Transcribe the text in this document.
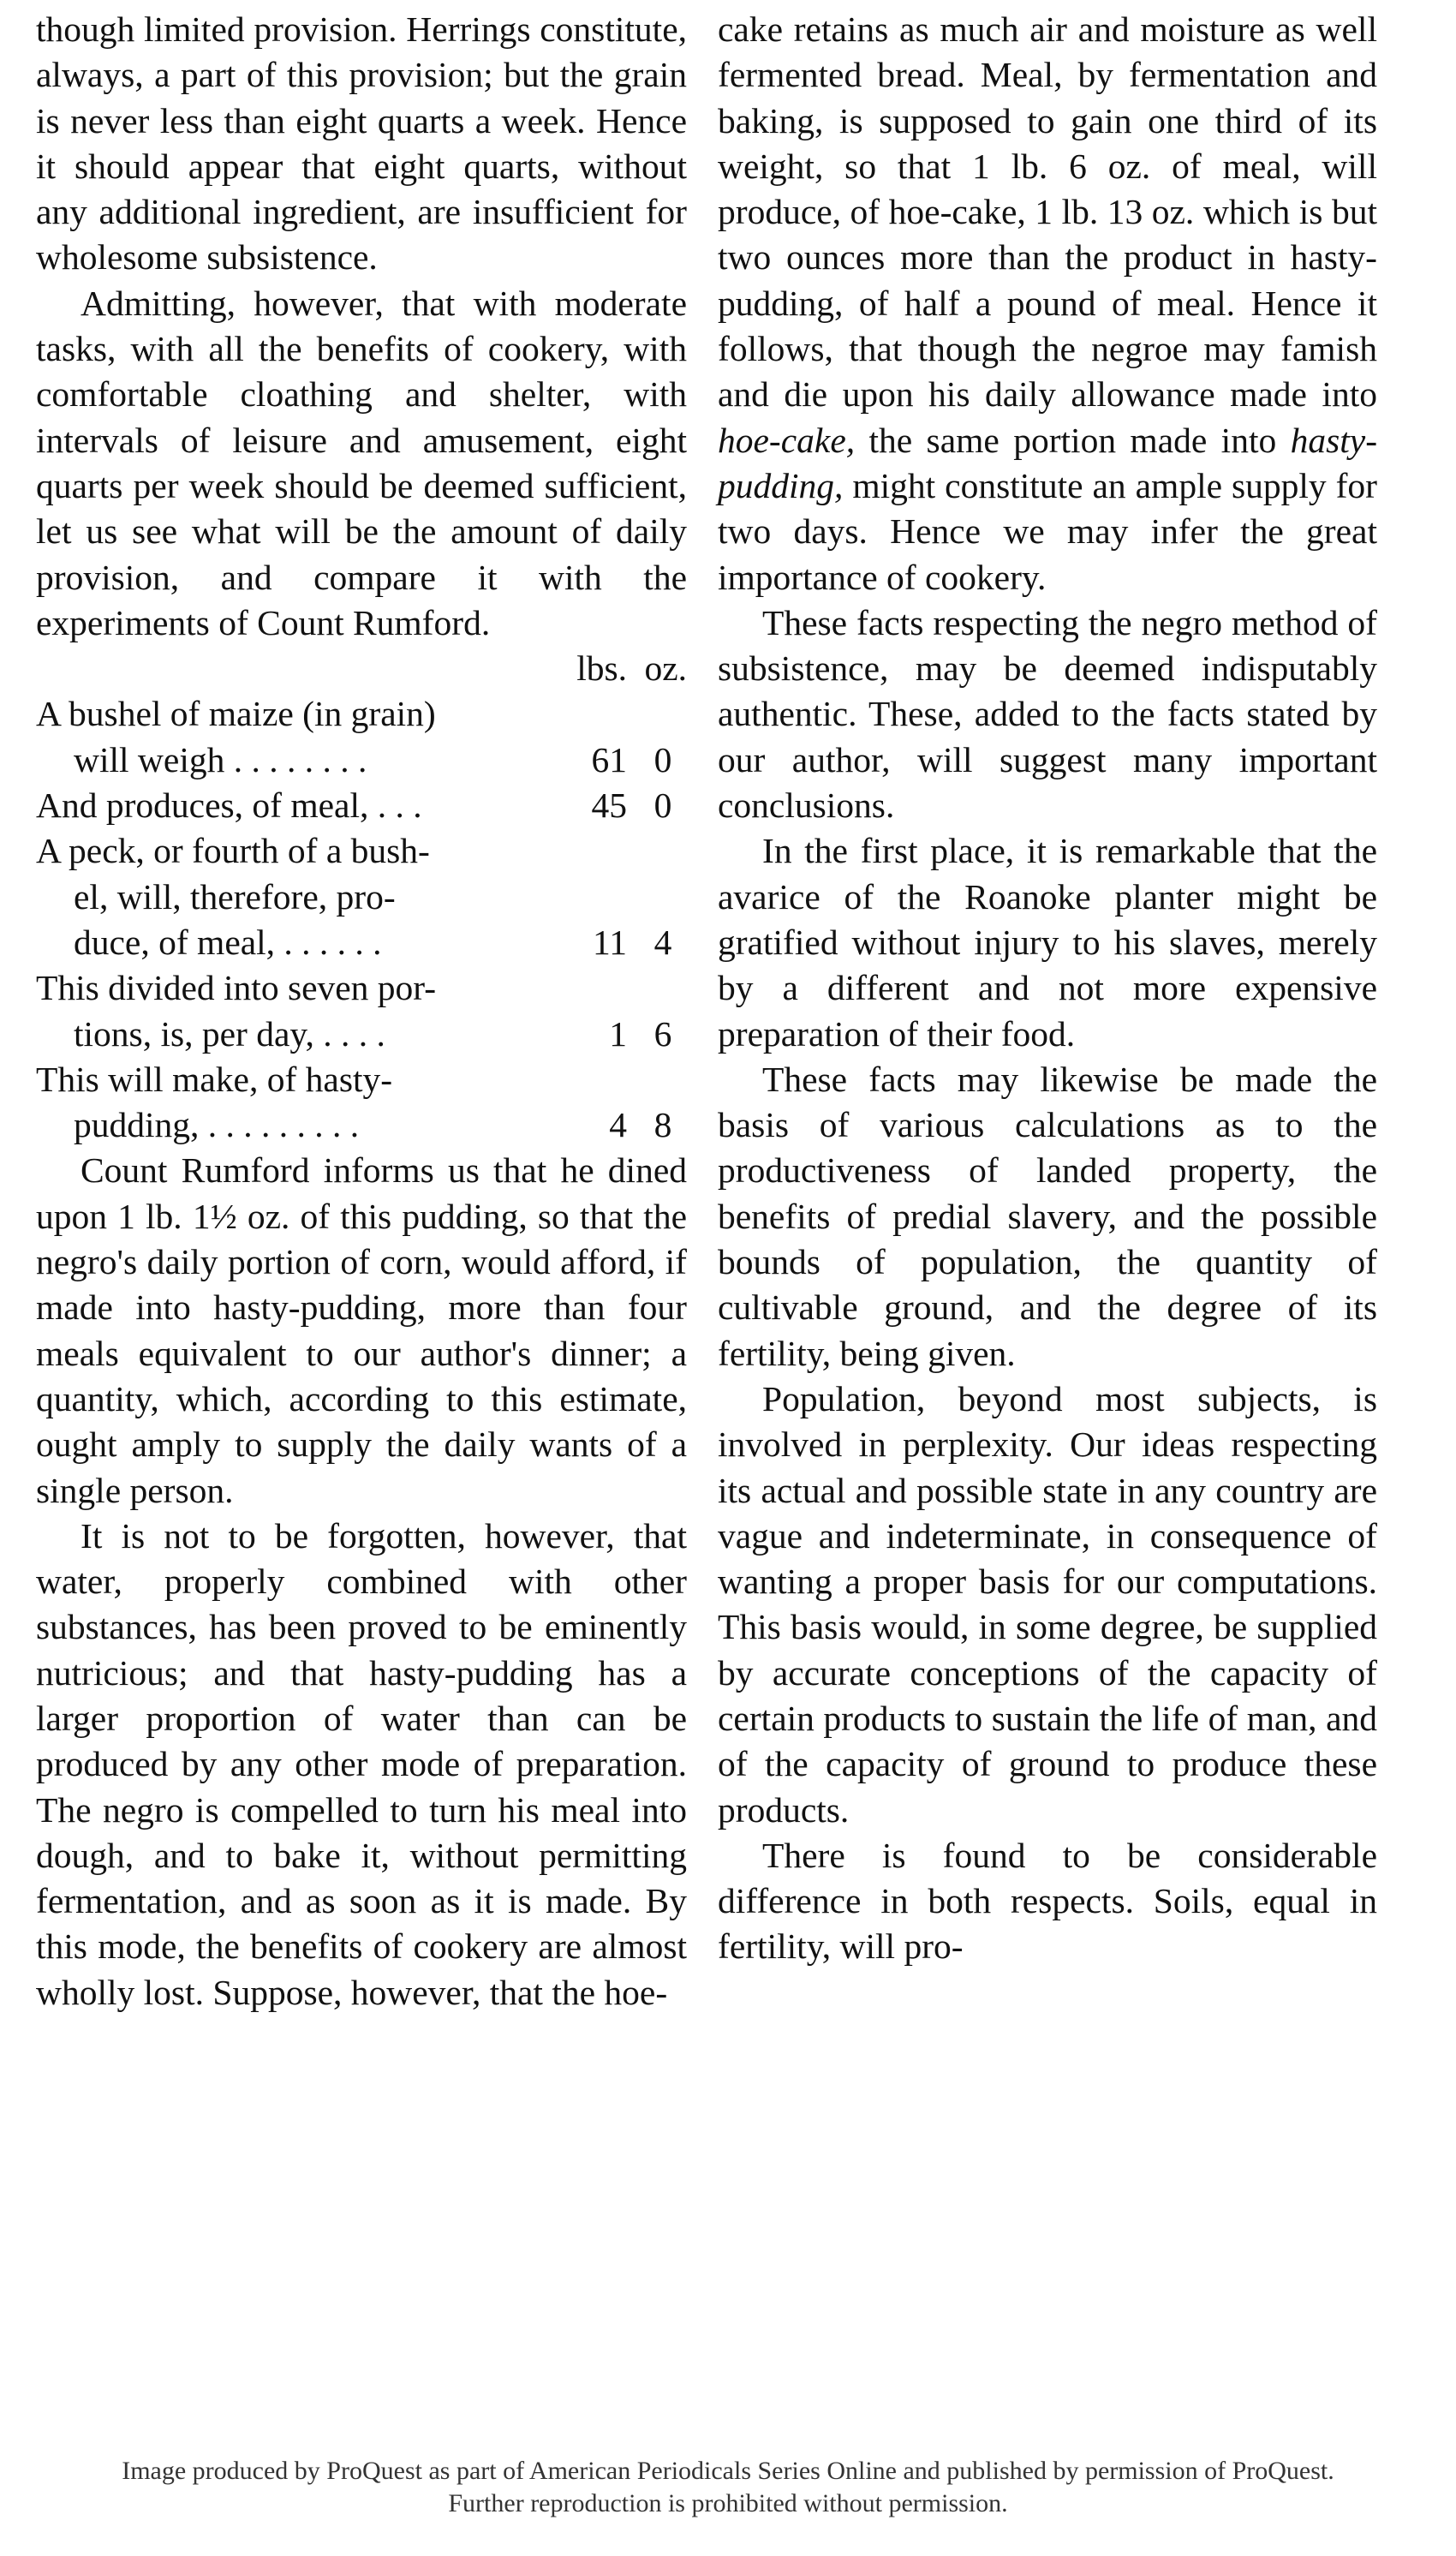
though limited provision. Herrings constitute, always, a part of this provision; but the grain is never less than eight quarts a week. Hence it should appear that eight quarts, without any additional ingredient, are insufficient for wholesome subsistence.

Admitting, however, that with moderate tasks, with all the benefits of cookery, with comfortable cloathing and shelter, with intervals of leisure and amusement, eight quarts per week should be deemed sufficient, let us see what will be the amount of daily provision, and compare it with the experiments of Count Rumford.

	lbs.	oz.
A bushel of maize (in grain)		
will weigh . . . . . . . .	61	0
And produces, of meal, . . .	45	0
A peck, or fourth of a bush-		
el, will, therefore, pro-		
duce, of meal, . . . . . .	11	4
This divided into seven por-		
tions, is, per day, . . . .	1	6
This will make, of hasty-		
pudding, . . . . . . . . .	4	8

Count Rumford informs us that he dined upon 1 lb. 1½ oz. of this pudding, so that the negro's daily portion of corn, would afford, if made into hasty-pudding, more than four meals equivalent to our author's dinner; a quantity, which, according to this estimate, ought amply to supply the daily wants of a single person.

It is not to be forgotten, however, that water, properly combined with other substances, has been proved to be eminently nutricious; and that hasty-pudding has a larger proportion of water than can be produced by any other mode of preparation. The negro is compelled to turn his meal into dough, and to bake it, without permitting fermentation, and as soon as it is made. By this mode, the benefits of cookery are almost wholly lost. Suppose, however, that the hoe-

cake retains as much air and moisture as well fermented bread. Meal, by fermentation and baking, is supposed to gain one third of its weight, so that 1 lb. 6 oz. of meal, will produce, of hoe-cake, 1 lb. 13 oz. which is but two ounces more than the product in hasty-pudding, of half a pound of meal. Hence it follows, that though the negroe may famish and die upon his daily allowance made into hoe-cake, the same portion made into hasty-pudding, might constitute an ample supply for two days. Hence we may infer the great importance of cookery.

These facts respecting the negro method of subsistence, may be deemed indisputably authentic. These, added to the facts stated by our author, will suggest many important conclusions.

In the first place, it is remarkable that the avarice of the Roanoke planter might be gratified without injury to his slaves, merely by a different and not more expensive preparation of their food.

These facts may likewise be made the basis of various calculations as to the productiveness of landed property, the benefits of predial slavery, and the possible bounds of population, the quantity of cultivable ground, and the degree of its fertility, being given.

Population, beyond most subjects, is involved in perplexity. Our ideas respecting its actual and possible state in any country are vague and indeterminate, in consequence of wanting a proper basis for our computations. This basis would, in some degree, be supplied by accurate conceptions of the capacity of certain products to sustain the life of man, and of the capacity of ground to produce these products.

There is found to be considerable difference in both respects. Soils, equal in fertility, will pro-

Image produced by ProQuest as part of American Periodicals Series Online and published by permission of ProQuest.
Further reproduction is prohibited without permission.
